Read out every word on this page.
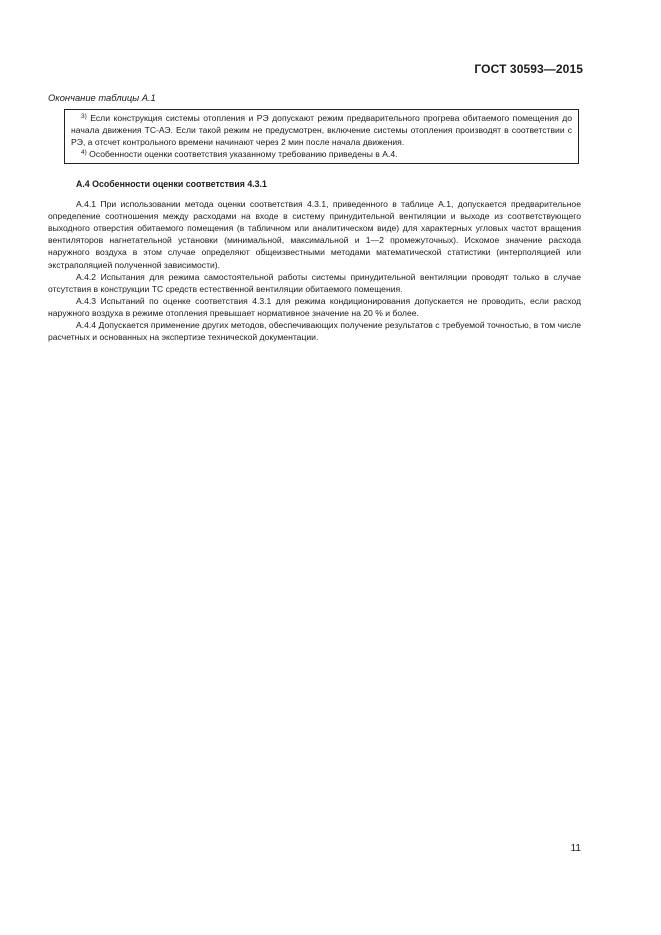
ГОСТ 30593—2015
Окончание таблицы А.1

$^{3)}$ Если конструкция системы отопления и РЭ допускают режим предварительного прогрева обитаемого помещения до начала движения ТС-АЭ. Если такой режим не предусмотрен, включение системы отопления производят в соответствии с РЭ, а отсчет контрольного времени начинают через 2 мин после начала движения.

$^{4)}$ Особенности оценки соответствия указанному требованию приведены в А.4.

А.4 Особенности оценки соответствия 4.3.1

А.4.1 При использовании метода оценки соответствия 4.3.1, приведенного в таблице А.1, допускается предварительное определение соотношения между расходами на входе в систему принудительной вентиляции и выходе из соответствующего выходного отверстия обитаемого помещения (в табличном или аналитическом виде) для характерных угловых частот вращения вентиляторов нагнетательной установки (минимальной, максимальной и 1—2 промежуточных). Искомое значение расхода наружного воздуха в этом случае определяют общеизвестными методами математической статистики (интерполяцией или экстраполяцией полученной зависимости).

А.4.2 Испытания для режима самостоятельной работы системы принудительной вентиляции проводят только в случае отсутствия в конструкции ТС средств естественной вентиляции обитаемого помещения.

А.4.3 Испытаний по оценке соответствия 4.3.1 для режима кондиционирования допускается не проводить, если расход наружного воздуха в режиме отопления превышает нормативное значение на 20 % и более.

А.4.4 Допускается применение других методов, обеспечивающих получение результатов с требуемой точностью, в том числе расчетных и основанных на экспертизе технической документации.

11
